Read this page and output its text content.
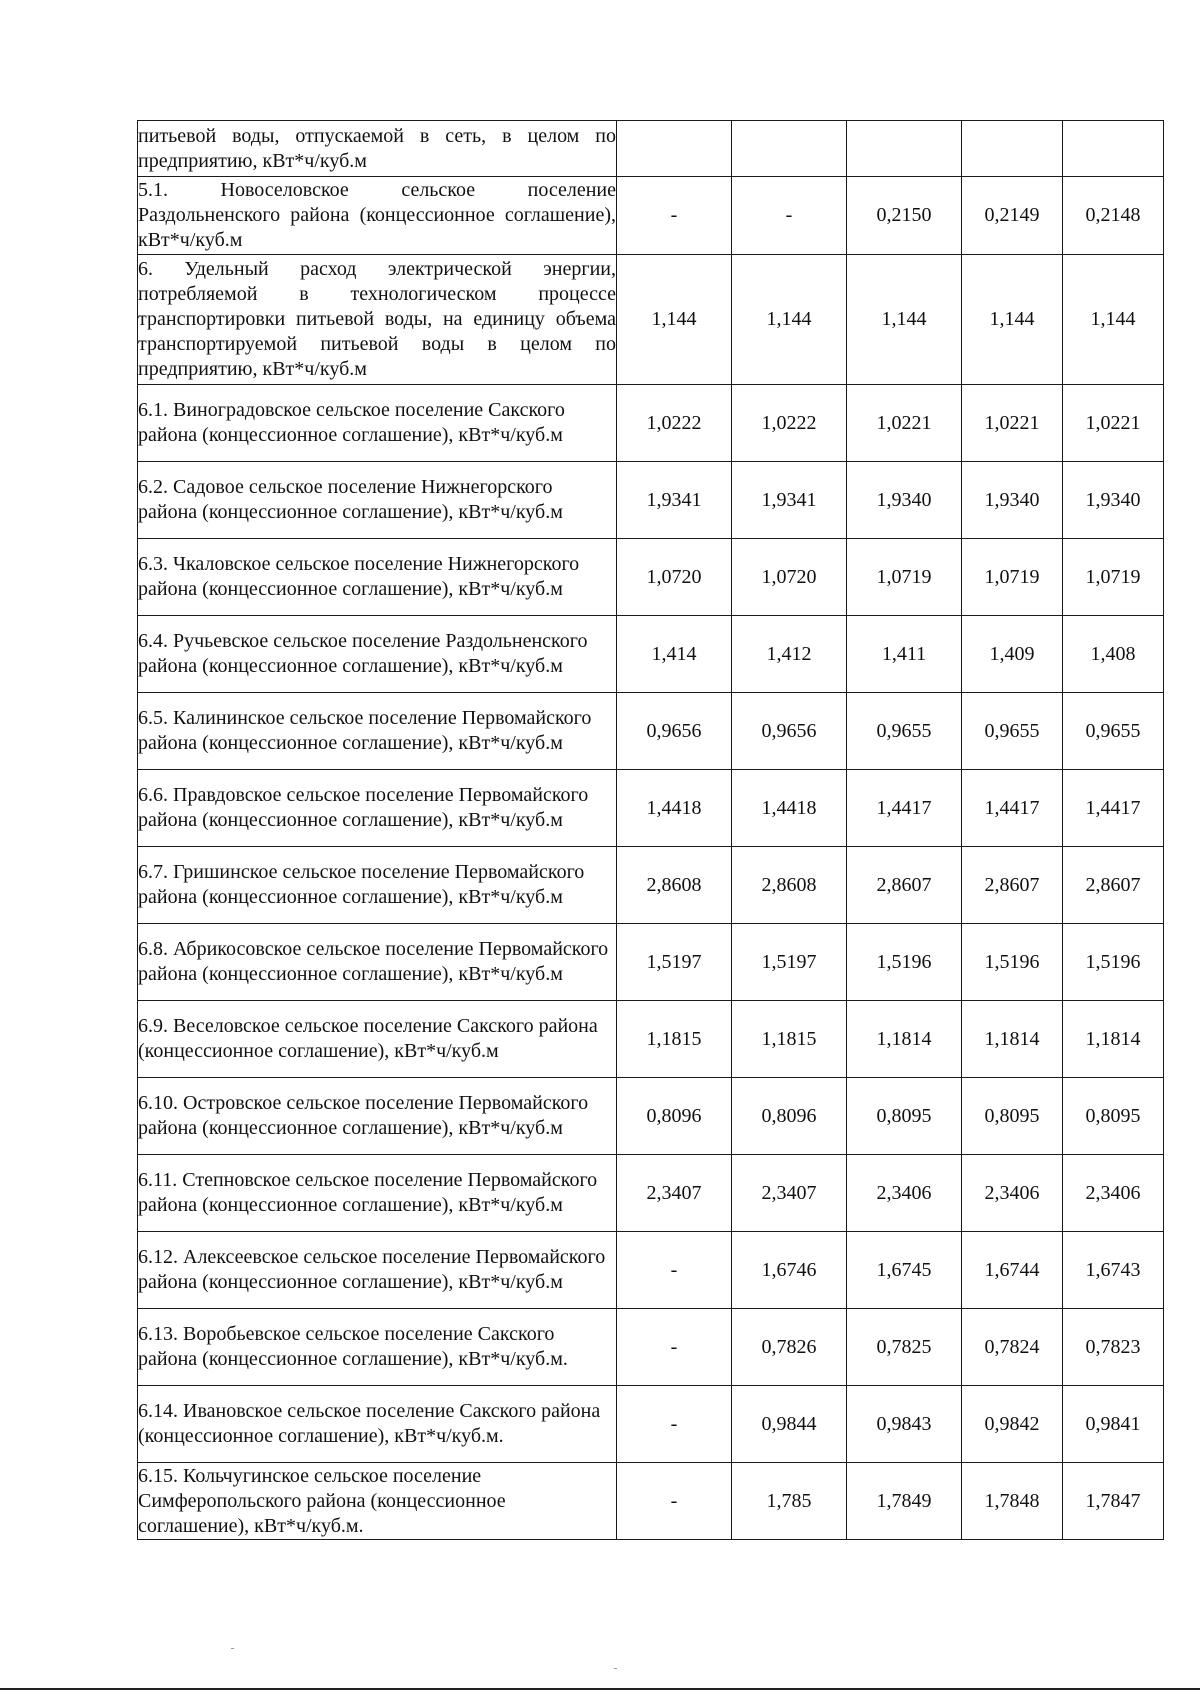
питьевой воды, отпускаемой в сеть, в целом по предприятию, кВт*ч/куб.м					
5.1. Новоселовское сельское поселение Раздольненского района (концессионное соглашение), кВт*ч/куб.м	-	-	0,2150	0,2149	0,2148
6. Удельный расход электрической энергии, потребляемой в технологическом процессе транспортировки питьевой воды, на единицу объема транспортируемой питьевой воды в целом по предприятию, кВт*ч/куб.м	1,144	1,144	1,144	1,144	1,144
6.1. Виноградовское сельское поселение Сакского района (концессионное соглашение), кВт*ч/куб.м	1,0222	1,0222	1,0221	1,0221	1,0221
6.2. Садовое сельское поселение Нижнегорского района (концессионное соглашение), кВт*ч/куб.м	1,9341	1,9341	1,9340	1,9340	1,9340
6.3. Чкаловское сельское поселение Нижнегорского района (концессионное соглашение), кВт*ч/куб.м	1,0720	1,0720	1,0719	1,0719	1,0719
6.4. Ручьевское сельское поселение Раздольненского района (концессионное соглашение), кВт*ч/куб.м	1,414	1,412	1,411	1,409	1,408
6.5. Калининское сельское поселение Первомайского района (концессионное соглашение), кВт*ч/куб.м	0,9656	0,9656	0,9655	0,9655	0,9655
6.6. Правдовское сельское поселение Первомайского района (концессионное соглашение), кВт*ч/куб.м	1,4418	1,4418	1,4417	1,4417	1,4417
6.7. Гришинское сельское поселение Первомайского района (концессионное соглашение), кВт*ч/куб.м	2,8608	2,8608	2,8607	2,8607	2,8607
6.8. Абрикосовское сельское поселение Первомайского района (концессионное соглашение), кВт*ч/куб.м	1,5197	1,5197	1,5196	1,5196	1,5196
6.9. Веселовское сельское поселение Сакского района (концессионное соглашение), кВт*ч/куб.м	1,1815	1,1815	1,1814	1,1814	1,1814
6.10. Островское сельское поселение Первомайского района (концессионное соглашение), кВт*ч/куб.м	0,8096	0,8096	0,8095	0,8095	0,8095
6.11. Степновское сельское поселение Первомайского района (концессионное соглашение), кВт*ч/куб.м	2,3407	2,3407	2,3406	2,3406	2,3406
6.12. Алексеевское сельское поселение Первомайского района (концессионное соглашение), кВт*ч/куб.м	-	1,6746	1,6745	1,6744	1,6743
6.13. Воробьевское сельское поселение Сакского района (концессионное соглашение), кВт*ч/куб.м.	-	0,7826	0,7825	0,7824	0,7823
6.14. Ивановское сельское поселение Сакского района (концессионное соглашение), кВт*ч/куб.м.	-	0,9844	0,9843	0,9842	0,9841
6.15. Кольчугинское сельское поселение Симферопольского района (концессионное соглашение), кВт*ч/куб.м.	-	1,785	1,7849	1,7848	1,7847
